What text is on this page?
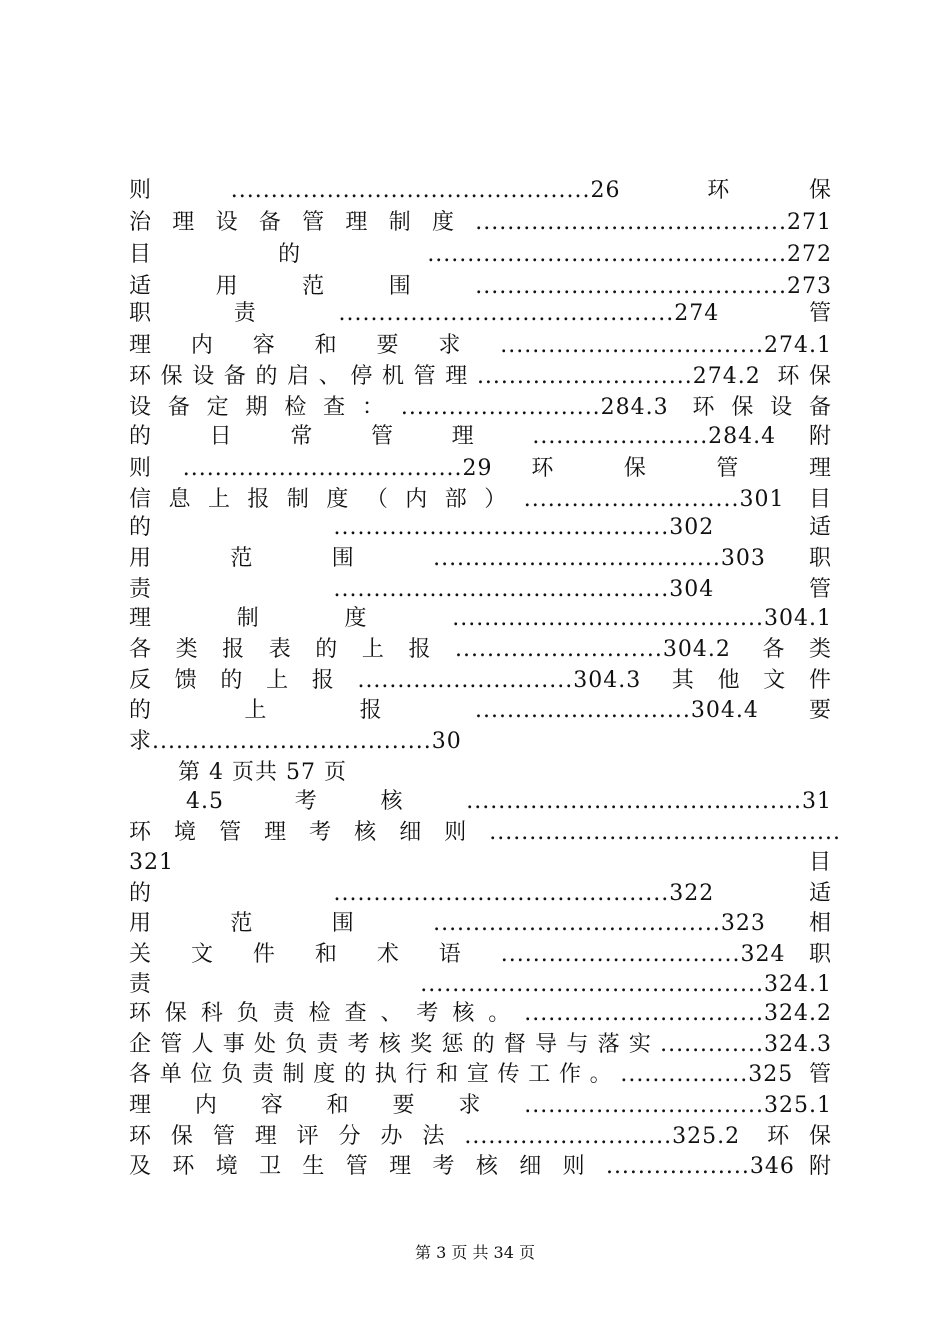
则.............................................26 环保
治理设备管理制度.......................................271
目 的 .............................................272
适 用 范 围 .......................................273
职责..........................................274 管
理 内 容 和 要 求 .................................274.1
环保设备的启、停机管理...........................274.2 环保
设备定期检查：.........................284.3 环保设备
的 日 常 管 理 ......................284.4 附
则...................................29 环 保 管 理
信息上报制度（内部）...........................301 目
的 ..........................................302 适
用 范 围 ....................................303 职
责 ..........................................304 管
理 制 度 .......................................304.1
各类报表的上报..........................304.2 各类
反馈的上报...........................304.3 其他文件
的 上 报 ...........................304.4 要
求...................................30
第 4 页共 57 页
4.5 考核..........................................31
环境管理考核细则............................................
321 目
的 ..........................................322 适
用 范 围 ....................................323 相
关 文 件 和 术 语 ..............................324 职
责 ...........................................324.1
环保科负责检查、考核。..............................324.2
企管人事处负责考核奖惩的督导与落实.............324.3
各单位负责制度的执行和宣传工作。................325 管
理 内 容 和 要 求 ..............................325.1
环保管理评分办法..........................325.2 环保
及 环 境 卫 生 管 理 考 核 细 则 ..................346 附
第 3 页 共 34 页
